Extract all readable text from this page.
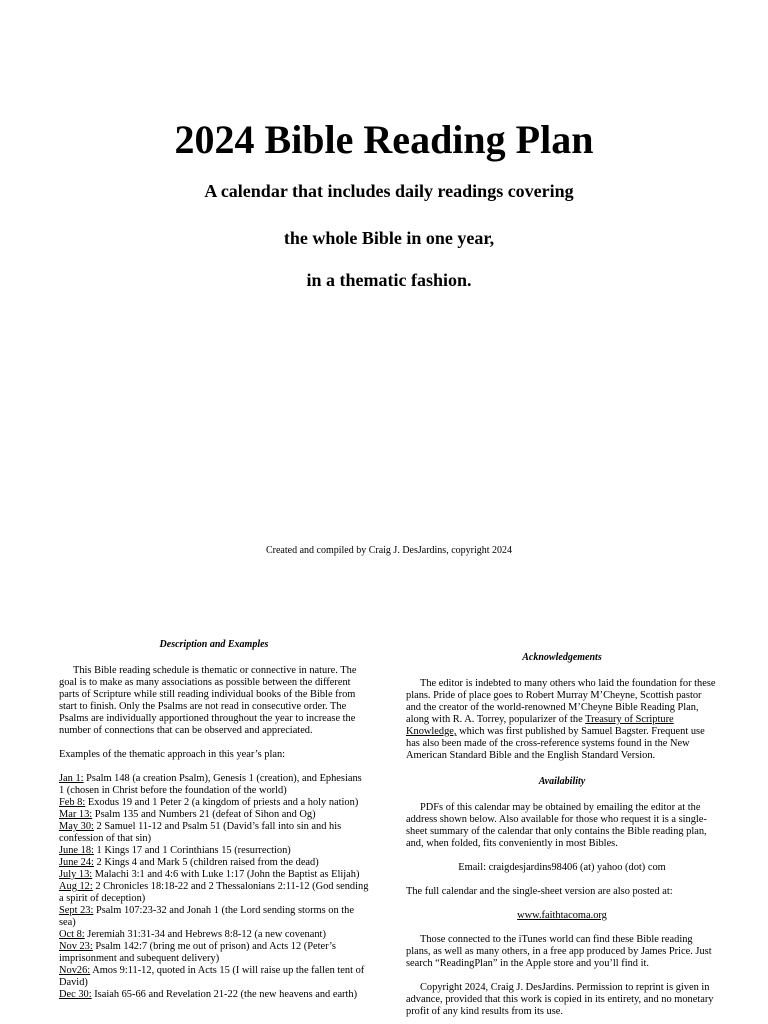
2024 Bible Reading Plan

A calendar that includes daily readings covering

the whole Bible in one year,

in a thematic fashion.

Created and compiled by Craig J. DesJardins, copyright 2024

Description and Examples

This Bible reading schedule is thematic or connective in nature. The goal is to make as many associations as possible between the different parts of Scripture while still reading individual books of the Bible from start to finish. Only the Psalms are not read in consecutive order. The Psalms are individually apportioned throughout the year to increase the number of connections that can be observed and appreciated.

Examples of the thematic approach in this year’s plan:

Jan 1: Psalm 148 (a creation Psalm), Genesis 1 (creation), and Ephesians 1 (chosen in Christ before the foundation of the world)

Feb 8: Exodus 19 and 1 Peter 2 (a kingdom of priests and a holy nation)

Mar 13: Psalm 135 and Numbers 21 (defeat of Sihon and Og)

May 30: 2 Samuel 11-12 and Psalm 51 (David’s fall into sin and his confession of that sin)

June 18: 1 Kings 17 and 1 Corinthians 15 (resurrection)

June 24: 2 Kings 4 and Mark 5 (children raised from the dead)

July 13: Malachi 3:1 and 4:6 with Luke 1:17 (John the Baptist as Elijah)

Aug 12: 2 Chronicles 18:18-22 and 2 Thessalonians 2:11-12 (God sending a spirit of deception)

Sept 23: Psalm 107:23-32 and Jonah 1 (the Lord sending storms on the sea)

Oct 8: Jeremiah 31:31-34 and Hebrews 8:8-12 (a new covenant)

Nov 23: Psalm 142:7 (bring me out of prison) and Acts 12 (Peter’s imprisonment and subequent delivery)

Nov26: Amos 9:11-12, quoted in Acts 15 (I will raise up the fallen tent of David)

Dec 30: Isaiah 65-66 and Revelation 21-22 (the new heavens and earth)

Acknowledgements

The editor is indebted to many others who laid the foundation for these plans. Pride of place goes to Robert Murray M’Cheyne, Scottish pastor and the creator of the world-renowned M’Cheyne Bible Reading Plan, along with R. A. Torrey, popularizer of the Treasury of Scripture Knowledge, which was first published by Samuel Bagster. Frequent use has also been made of the cross-reference systems found in the New American Standard Bible and the English Standard Version.

Availability

PDFs of this calendar may be obtained by emailing the editor at the address shown below. Also available for those who request it is a single-sheet summary of the calendar that only contains the Bible reading plan, and, when folded, fits conveniently in most Bibles.

Email: craigdesjardins98406 (at) yahoo (dot) com

The full calendar and the single-sheet version are also posted at:

www.faithtacoma.org

Those connected to the iTunes world can find these Bible reading plans, as well as many others, in a free app produced by James Price. Just search “ReadingPlan” in the Apple store and you’ll find it.

Copyright 2024, Craig J. DesJardins. Permission to reprint is given in advance, provided that this work is copied in its entirety, and no monetary profit of any kind results from its use.
